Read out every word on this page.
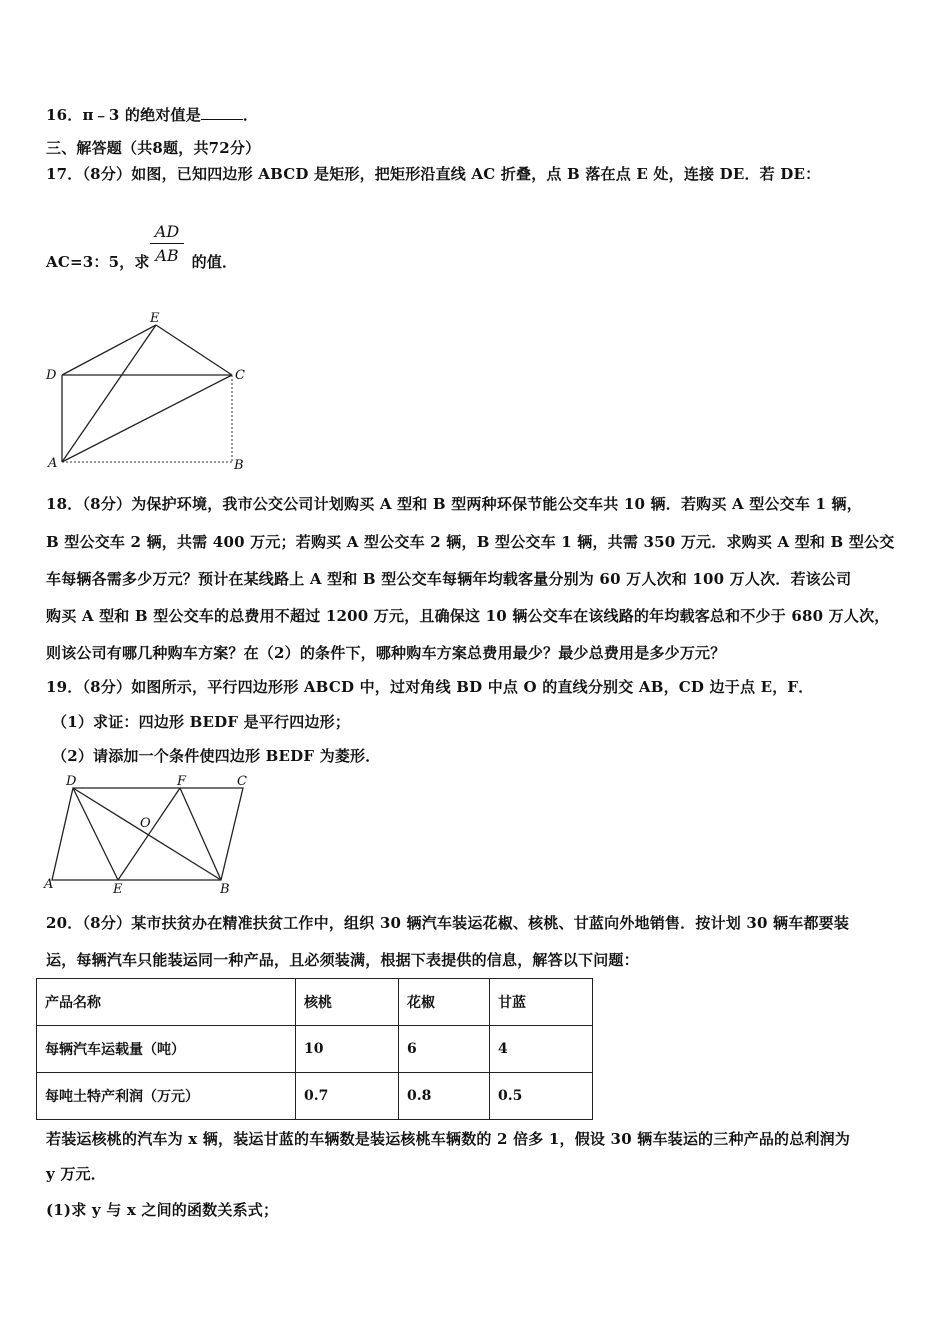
16．π﹣3 的绝对值是	．
三、解答题（共8题，共72分）
17．（8分）如图，已知四边形 ABCD 是矩形，把矩形沿直线 AC 折叠，点 B 落在点 E 处，连接 DE．若 DE：
AC=3：5，求	的值．
$\frac{AD}{AB}$
E
D	C
A	B
18．（8分）为保护环境，我市公交公司计划购买 A 型和 B 型两种环保节能公交车共 10 辆．若购买 A 型公交车 1 辆，
B 型公交车 2 辆，共需 400 万元；若购买 A 型公交车 2 辆，B 型公交车 1 辆，共需 350 万元．求购买 A 型和 B 型公交
车每辆各需多少万元？预计在某线路上 A 型和 B 型公交车每辆年均载客量分别为 60 万人次和 100 万人次．若该公司
购买 A 型和 B 型公交车的总费用不超过 1200 万元，且确保这 10 辆公交车在该线路的年均载客总和不少于 680 万人次，
则该公司有哪几种购车方案？在（2）的条件下，哪种购车方案总费用最少？最少总费用是多少万元？
19．（8分）如图所示，平行四边形形 ABCD 中，过对角线 BD 中点 O 的直线分别交 AB，CD 边于点 E，F．
（1）求证：四边形 BEDF 是平行四边形；
（2）请添加一个条件使四边形 BEDF 为菱形．
D	F	C
O
A	E	B
20．（8分）某市扶贫办在精准扶贫工作中，组织 30 辆汽车装运花椒、核桃、甘蓝向外地销售．按计划 30 辆车都要装
运，每辆汽车只能装运同一种产品，且必须装满，根据下表提供的信息，解答以下问题：
产品名称	核桃	花椒	甘蓝
每辆汽车运载量（吨）	10	6	4
每吨土特产利润（万元）	0.7	0.8	0.5
若装运核桃的汽车为 x 辆，装运甘蓝的车辆数是装运核桃车辆数的 2 倍多 1，假设 30 辆车装运的三种产品的总利润为
y 万元．
(1)求 y 与 x 之间的函数关系式；
